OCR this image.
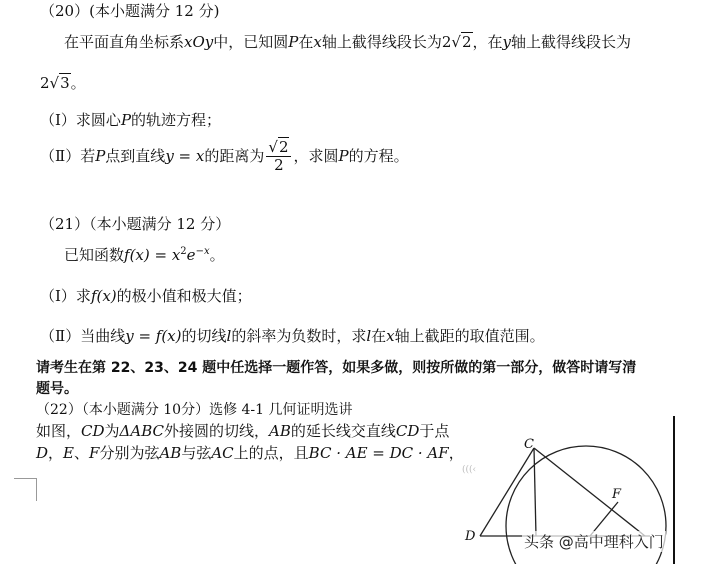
（20）(本小题满分 12 分)
在平面直角坐标系xOy中，已知圆P在x轴上截得线段长为2√2，在y轴上截得线段长为
2√3。
（Ⅰ）求圆心P的轨迹方程；
（Ⅱ）若 P 点到直线 y = x 的距离为 $\frac{√2}{2}$ ，求圆 P 的方程。
（21）（本小题满分 12 分）
已知函数$f(x) = x^2e^{-x}$。
（Ⅰ）求f(x)的极小值和极大值；
（Ⅱ）当曲线y = f(x)的切线l的斜率为负数时，求l在x轴上截距的取值范围。
请考生在第 22、23、24 题中任选择一题作答，如果多做，则按所做的第一部分，做答时请写清
题号。
（22）（本小题满分 10分）选修 4-1 几何证明选讲
如图，CD为ΔABC外接圆的切线，AB的延长线交直线CD于点
D，E、F分别为弦AB与弦AC上的点，且BC · AE = DC · AF，
(((‹
C
F
D	头条 @高中理科入门
